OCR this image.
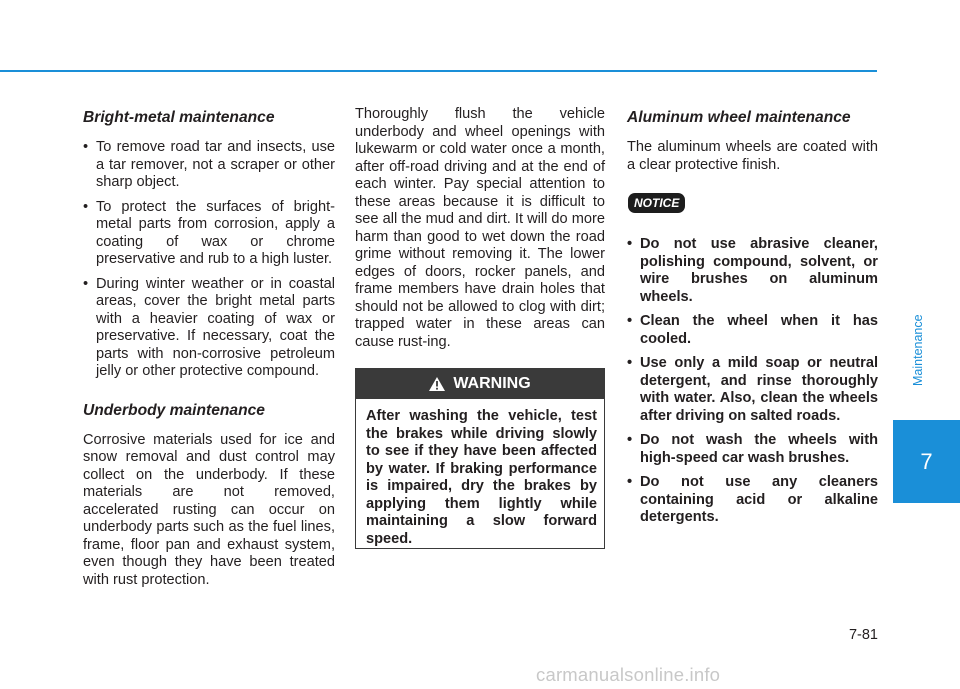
Bright-metal maintenance
• To remove road tar and insects, use a tar remover, not a scraper or other sharp object.
• To protect the surfaces of bright-metal parts from corrosion, apply a coating of wax or chrome preservative and rub to a high luster.
• During winter weather or in coastal areas, cover the bright metal parts with a heavier coating of wax or preservative. If necessary, coat the parts with non-corrosive petroleum jelly or other protective compound.
Underbody maintenance

Corrosive materials used for ice and snow removal and dust control may collect on the underbody. If these materials are not removed, accelerated rusting can occur on underbody parts such as the fuel lines, frame, floor pan and exhaust system, even though they have been treated with rust protection.

Thoroughly flush the vehicle underbody and wheel openings with lukewarm or cold water once a month, after off-road driving and at the end of each winter. Pay special attention to these areas because it is difficult to see all the mud and dirt. It will do more harm than good to wet down the road grime without removing it. The lower edges of doors, rocker panels, and frame members have drain holes that should not be allowed to clog with dirt; trapped water in these areas can cause rust-ing.

WARNING
After washing the vehicle, test the brakes while driving slowly to see if they have been affected by water. If braking performance is impaired, dry the brakes by applying them lightly while maintaining a slow forward speed.
Aluminum wheel maintenance

The aluminum wheels are coated with a clear protective finish.

NOTICE
• Do not use abrasive cleaner, polishing compound, solvent, or wire brushes on aluminum wheels.
• Clean the wheel when it has cooled.
• Use only a mild soap or neutral detergent, and rinse thoroughly with water. Also, clean the wheels after driving on salted roads.
• Do not wash the wheels with high-speed car wash brushes.
• Do not use any cleaners containing acid or alkaline detergents.
Maintenance
7
7-81
carmanualsonline.info
